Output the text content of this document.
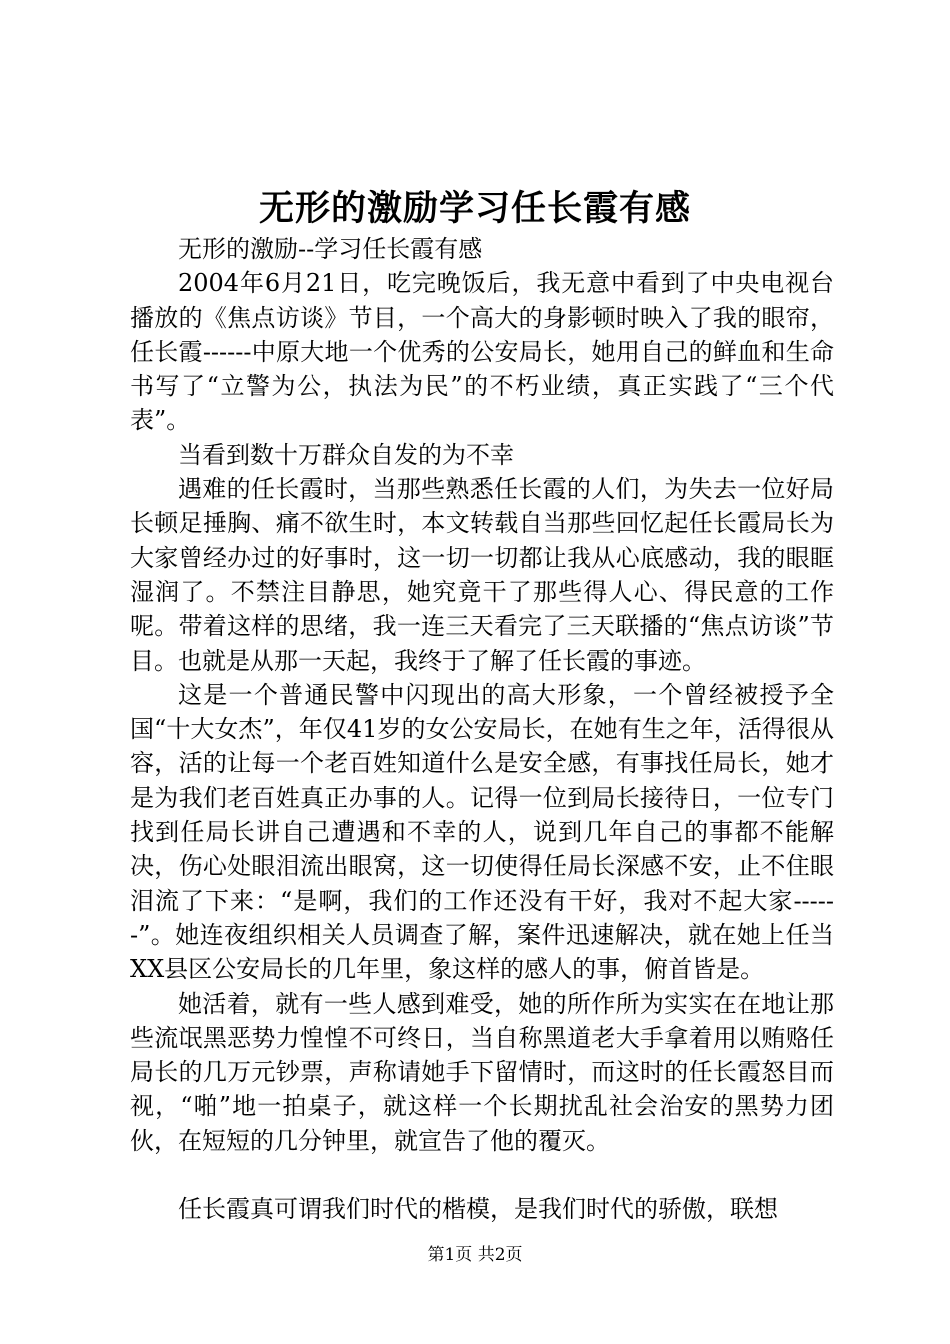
无形的激励学习任长霞有感

无形的激励--学习任长霞有感

2004年6月21日，吃完晚饭后，我无意中看到了中央电视台播放的《焦点访谈》节目，一个高大的身影顿时映入了我的眼帘，任长霞------中原大地一个优秀的公安局长，她用自己的鲜血和生命书写了“立警为公，执法为民”的不朽业绩，真正实践了“三个代表”。

当看到数十万群众自发的为不幸

遇难的任长霞时，当那些熟悉任长霞的人们，为失去一位好局长顿足捶胸、痛不欲生时，本文转载自当那些回忆起任长霞局长为大家曾经办过的好事时，这一切一切都让我从心底感动，我的眼眶湿润了。不禁注目静思，她究竟干了那些得人心、得民意的工作呢。带着这样的思绪，我一连三天看完了三天联播的“焦点访谈”节目。也就是从那一天起，我终于了解了任长霞的事迹。

这是一个普通民警中闪现出的高大形象，一个曾经被授予全国“十大女杰”，年仅41岁的女公安局长，在她有生之年，活得很从容，活的让每一个老百姓知道什么是安全感，有事找任局长，她才是为我们老百姓真正办事的人。记得一位到局长接待日，一位专门找到任局长讲自己遭遇和不幸的人，说到几年自己的事都不能解决，伤心处眼泪流出眼窝，这一切使得任局长深感不安，止不住眼泪流了下来：“是啊，我们的工作还没有干好，我对不起大家------”。她连夜组织相关人员调查了解，案件迅速解决，就在她上任当XX县区公安局长的几年里，象这样的感人的事，俯首皆是。

她活着，就有一些人感到难受，她的所作所为实实在在地让那些流氓黑恶势力惶惶不可终日，当自称黑道老大手拿着用以贿赂任局长的几万元钞票，声称请她手下留情时，而这时的任长霞怒目而视，“啪”地一拍桌子，就这样一个长期扰乱社会治安的黑势力团伙，在短短的几分钟里，就宣告了他的覆灭。

任长霞真可谓我们时代的楷模，是我们时代的骄傲，联想

第1页 共2页
